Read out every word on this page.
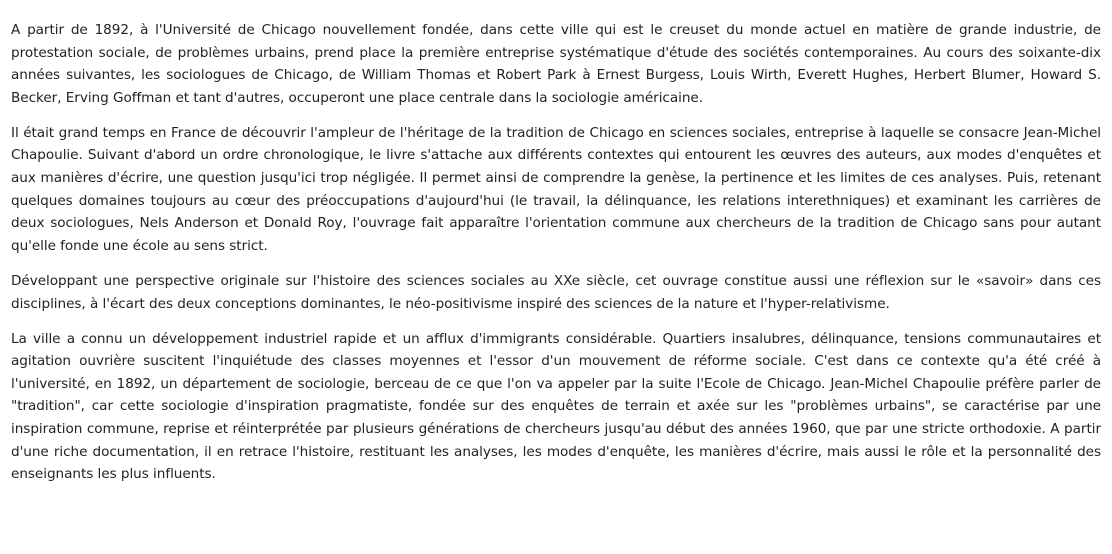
A partir de 1892, à l'Université de Chicago nouvellement fondée, dans cette ville qui est le creuset du monde actuel en matière de grande industrie, de protestation sociale, de problèmes urbains, prend place la première entreprise systématique d'étude des sociétés contemporaines. Au cours des soixante-dix années suivantes, les sociologues de Chicago, de William Thomas et Robert Park à Ernest Burgess, Louis Wirth, Everett Hughes, Herbert Blumer, Howard S. Becker, Erving Goffman et tant d'autres, occuperont une place centrale dans la sociologie américaine.

Il était grand temps en France de découvrir l'ampleur de l'héritage de la tradition de Chicago en sciences sociales, entreprise à laquelle se consacre Jean-Michel Chapoulie. Suivant d'abord un ordre chronologique, le livre s'attache aux différents contextes qui entourent les œuvres des auteurs, aux modes d'enquêtes et aux manières d'écrire, une question jusqu'ici trop négligée. Il permet ainsi de comprendre la genèse, la pertinence et les limites de ces analyses. Puis, retenant quelques domaines toujours au cœur des préoccupations d'aujourd'hui (le travail, la délinquance, les relations interethniques) et examinant les carrières de deux sociologues, Nels Anderson et Donald Roy, l'ouvrage fait apparaître l'orientation commune aux chercheurs de la tradition de Chicago sans pour autant qu'elle fonde une école au sens strict.

Développant une perspective originale sur l'histoire des sciences sociales au XXe siècle, cet ouvrage constitue aussi une réflexion sur le «savoir» dans ces disciplines, à l'écart des deux conceptions dominantes, le néo-positivisme inspiré des sciences de la nature et l'hyper-relativisme.

La ville a connu un développement industriel rapide et un afflux d'immigrants considérable. Quartiers insalubres, délinquance, tensions communautaires et agitation ouvrière suscitent l'inquiétude des classes moyennes et l'essor d'un mouvement de réforme sociale. C'est dans ce contexte qu'a été créé à l'université, en 1892, un département de sociologie, berceau de ce que l'on va appeler par la suite l'Ecole de Chicago. Jean-Michel Chapoulie préfère parler de "tradition", car cette sociologie d'inspiration pragmatiste, fondée sur des enquêtes de terrain et axée sur les "problèmes urbains", se caractérise par une inspiration commune, reprise et réinterprétée par plusieurs générations de chercheurs jusqu'au début des années 1960, que par une stricte orthodoxie. A partir d'une riche documentation, il en retrace l'histoire, restituant les analyses, les modes d'enquête, les manières d'écrire, mais aussi le rôle et la personnalité des enseignants les plus influents.
